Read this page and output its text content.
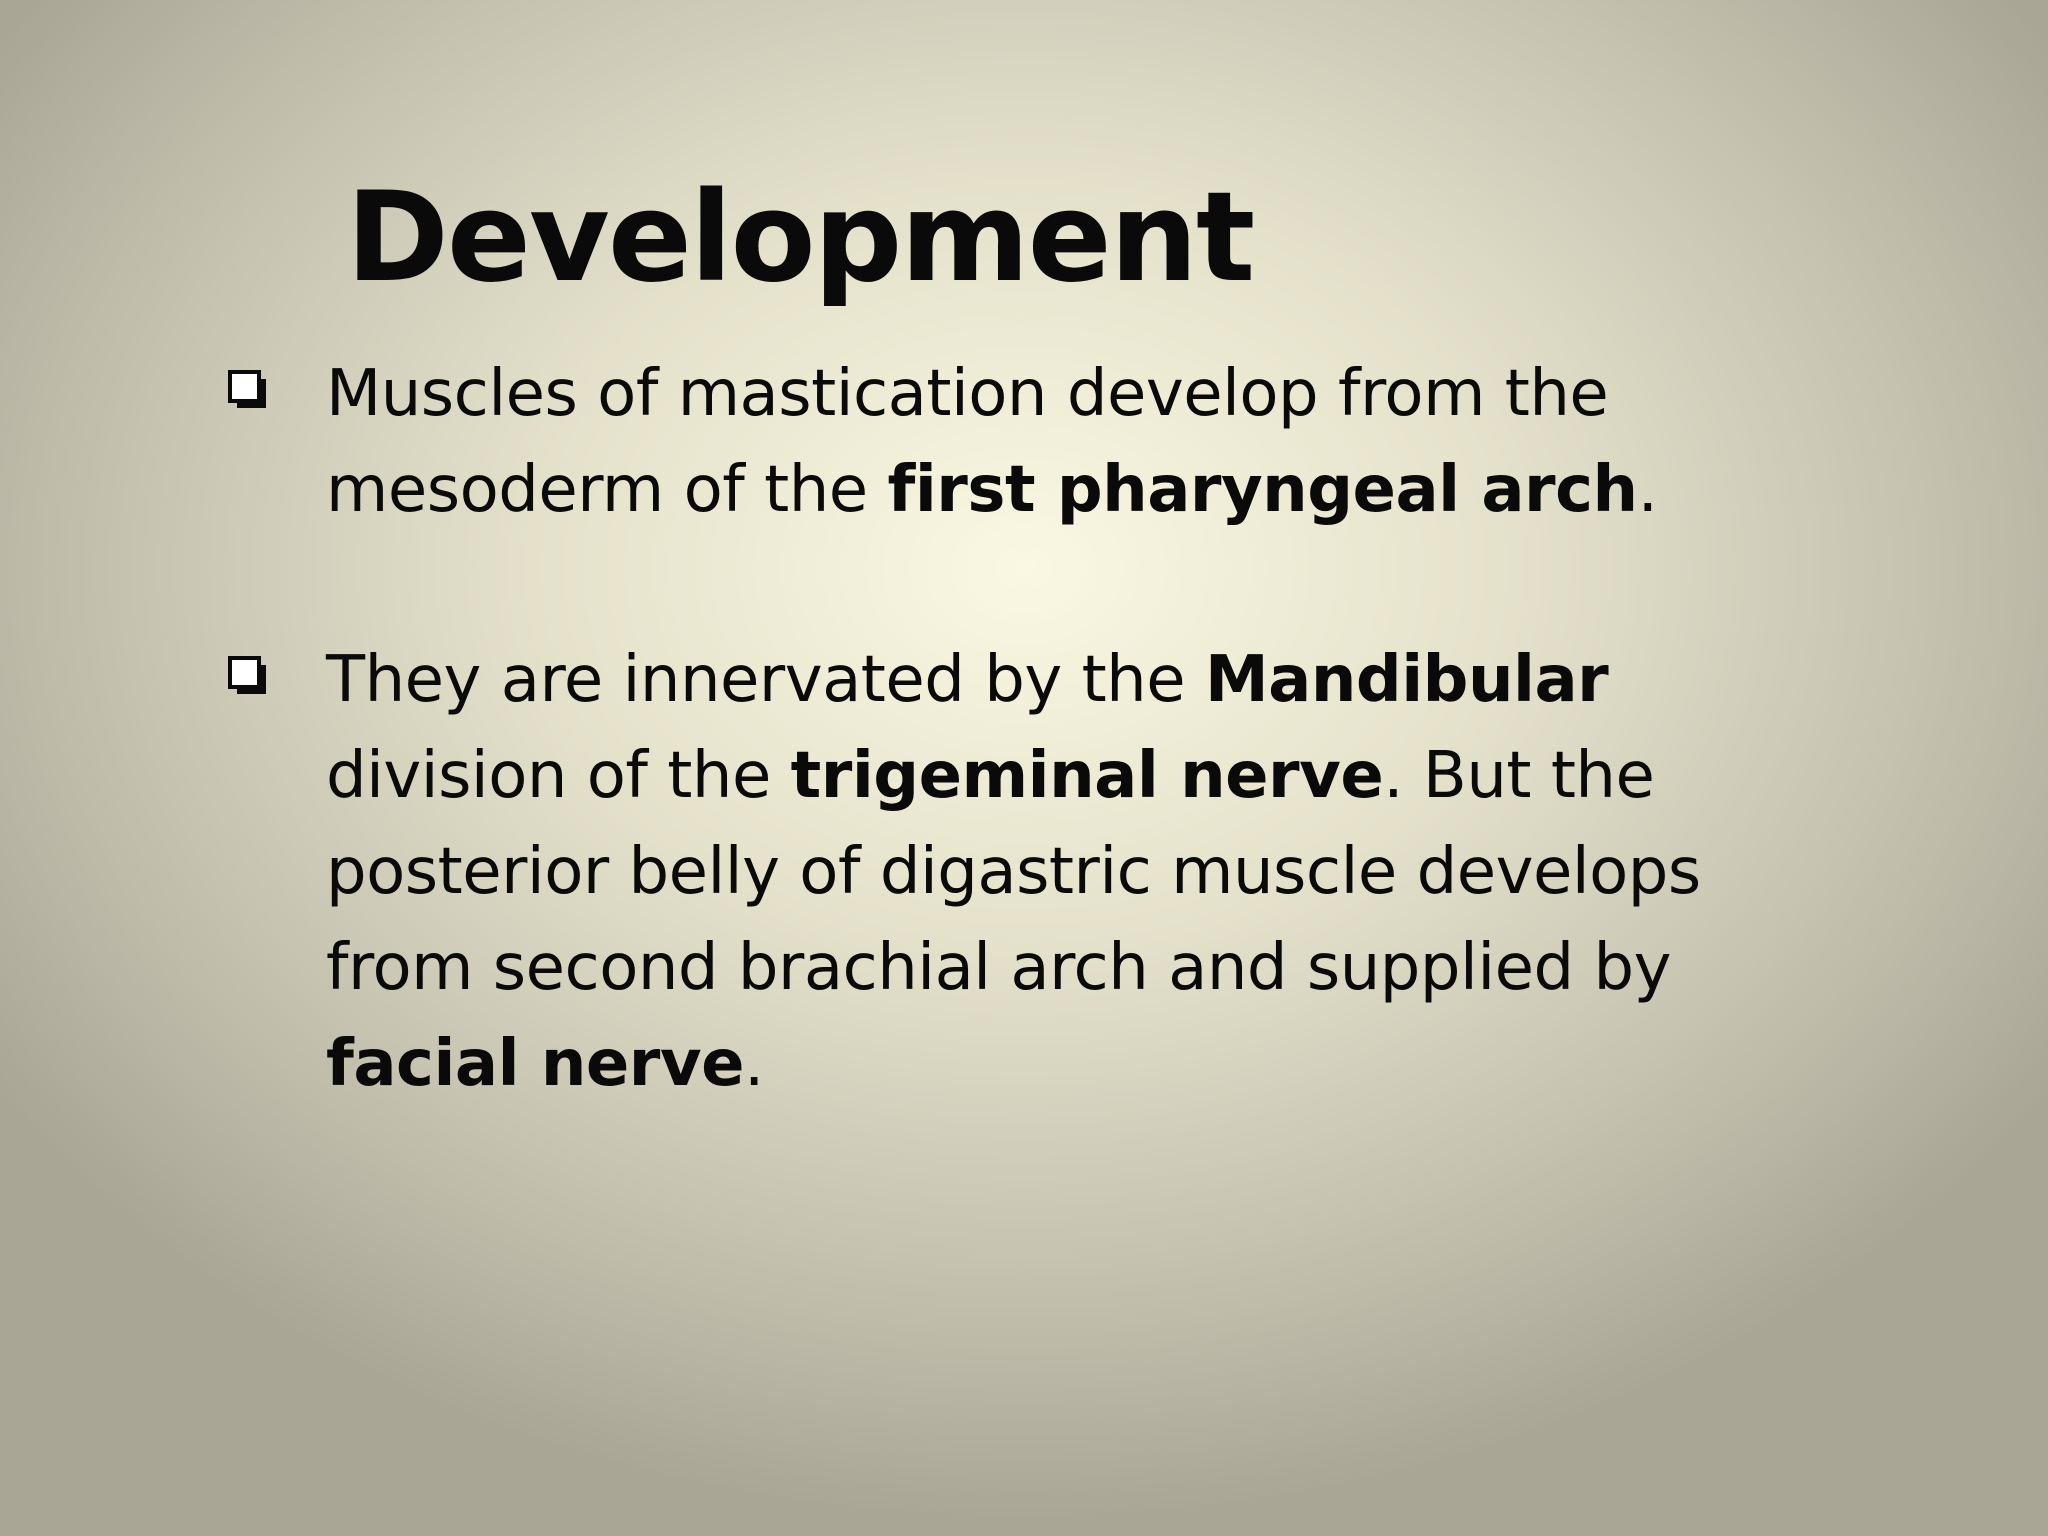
Development
Muscles of mastication develop from the mesoderm of the first pharyngeal arch.
They are innervated by the Mandibular division of the trigeminal nerve. But the posterior belly of digastric muscle develops from second brachial arch and supplied by facial nerve.
